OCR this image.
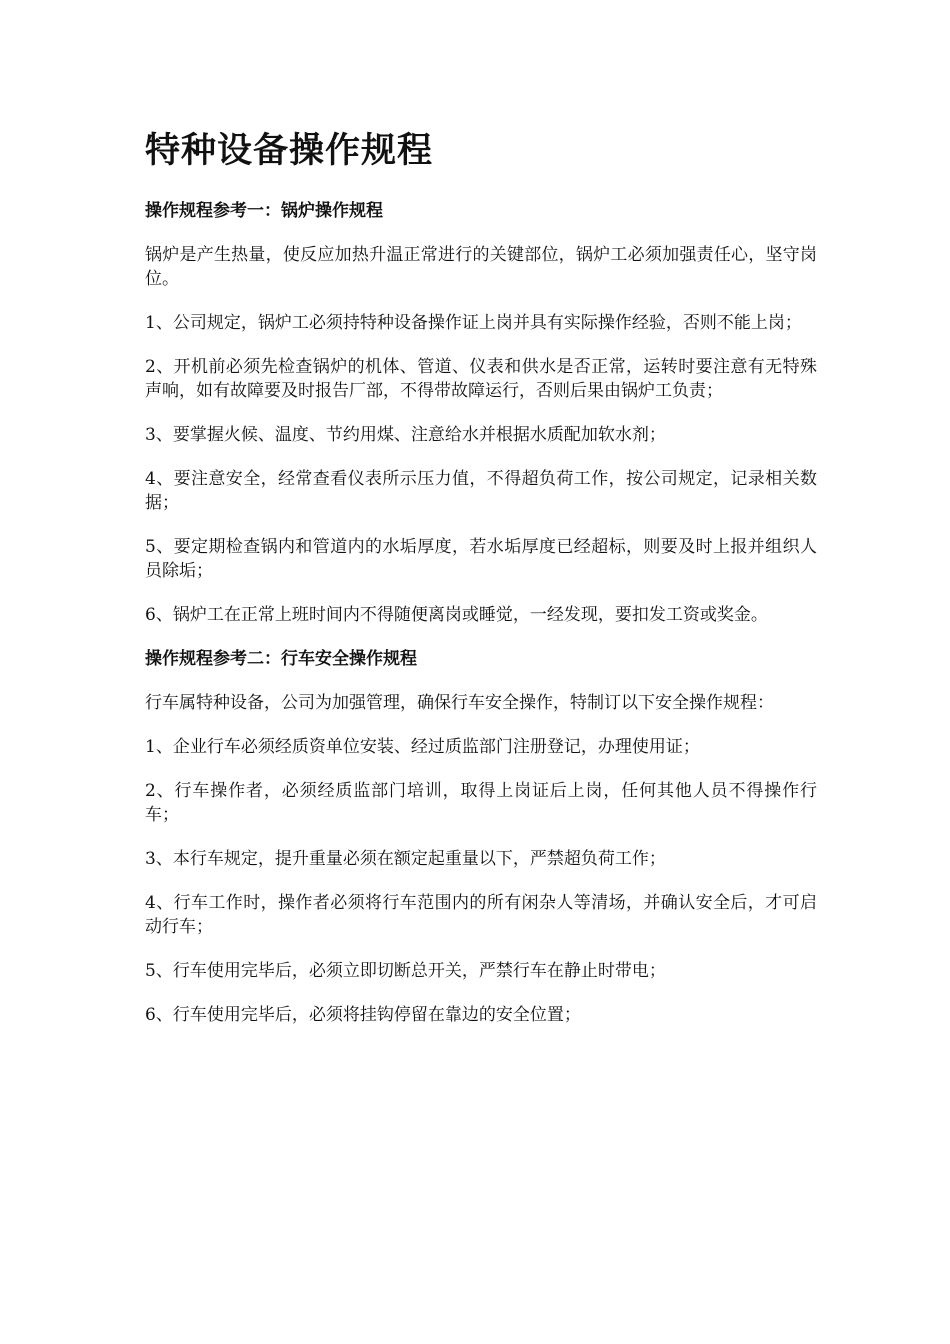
特种设备操作规程
操作规程参考一：锅炉操作规程

锅炉是产生热量，使反应加热升温正常进行的关键部位，锅炉工必须加强责任心，坚守岗位。

1、公司规定，锅炉工必须持特种设备操作证上岗并具有实际操作经验，否则不能上岗；

2、开机前必须先检查锅炉的机体、管道、仪表和供水是否正常，运转时要注意有无特殊声响，如有故障要及时报告厂部，不得带故障运行，否则后果由锅炉工负责；

3、要掌握火候、温度、节约用煤、注意给水并根据水质配加软水剂；

4、要注意安全，经常查看仪表所示压力值，不得超负荷工作，按公司规定，记录相关数据；

5、要定期检查锅内和管道内的水垢厚度，若水垢厚度已经超标，则要及时上报并组织人员除垢；

6、锅炉工在正常上班时间内不得随便离岗或睡觉，一经发现，要扣发工资或奖金。

操作规程参考二：行车安全操作规程

行车属特种设备，公司为加强管理，确保行车安全操作，特制订以下安全操作规程：

1、企业行车必须经质资单位安装、经过质监部门注册登记，办理使用证；

2、行车操作者，必须经质监部门培训，取得上岗证后上岗，任何其他人员不得操作行车；

3、本行车规定，提升重量必须在额定起重量以下，严禁超负荷工作；

4、行车工作时，操作者必须将行车范围内的所有闲杂人等清场，并确认安全后，才可启动行车；

5、行车使用完毕后，必须立即切断总开关，严禁行车在静止时带电；

6、行车使用完毕后，必须将挂钩停留在靠边的安全位置；
